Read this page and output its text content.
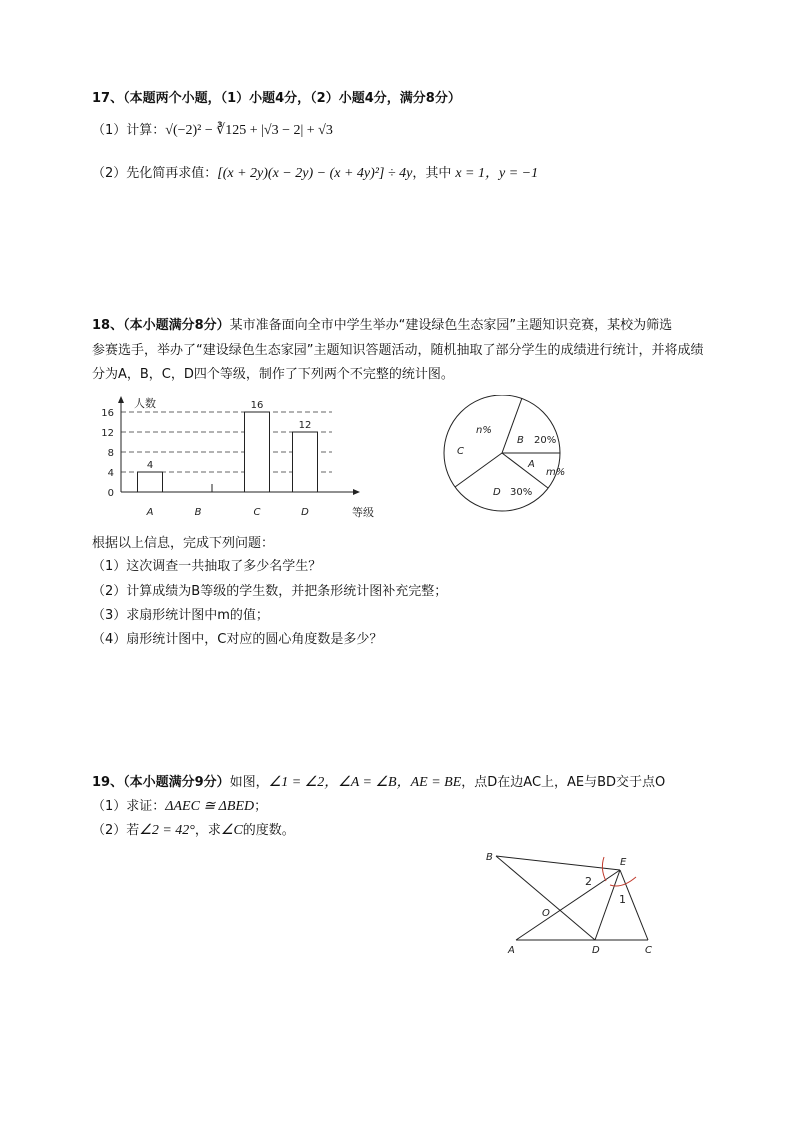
17、（本题两个小题，（1）小题4分，（2）小题4分，满分8分）
（1）计算：√(−2)² − ∛125 + |√3 − 2| + √3
（2）先化简再求值：[(x + 2y)(x − 2y) − (x + 4y)²] ÷ 4y，其中 x = 1，y = −1
18、（本小题满分8分）某市准备面向全市中学生举办“建设绿色生态家园”主题知识竞赛，某校为筛选
参赛选手，举办了“建设绿色生态家园”主题知识答题活动，随机抽取了部分学生的成绩进行统计，并将成绩
分为A，B，C，D四个等级，制作了下列两个不完整的统计图。
人数
等级
0
4
8
12
16
4
16
12
A	B	C	D
n%
C
B 20%
A
m%
D 30%
根据以上信息，完成下列问题：
（1）这次调查一共抽取了多少名学生？
（2）计算成绩为B等级的学生数，并把条形统计图补充完整；
（3）求扇形统计图中m的值；
（4）扇形统计图中，C对应的圆心角度数是多少？
19、（本小题满分9分）如图，∠1 = ∠2，∠A = ∠B，AE = BE，点D在边AC上，AE与BD交于点O
（1）求证：ΔAEC ≅ ΔBED；
（2）若∠2 = 42°，求∠C的度数。
B	E
2
1
O
A	D	C
